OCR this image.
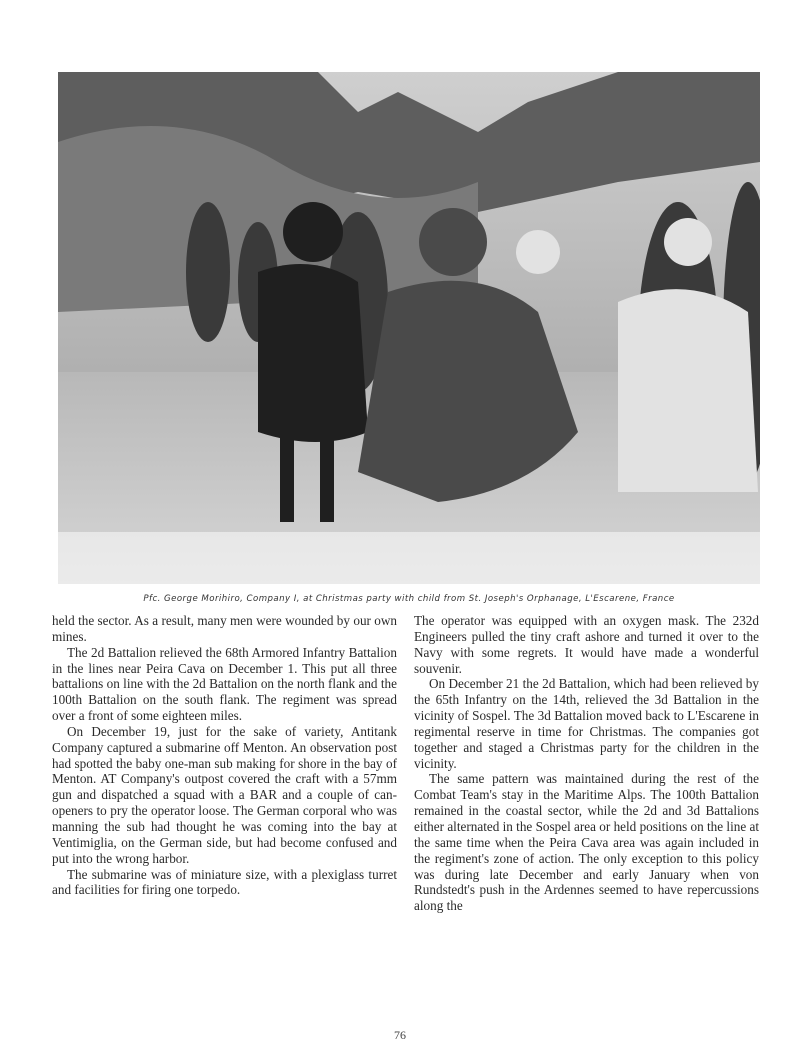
Pfc. George Morihiro, Company I, at Christmas party with child from St. Joseph's Orphanage, L'Escarene, France

held the sector. As a result, many men were wounded by our own mines.

The 2d Battalion relieved the 68th Armored Infantry Battalion in the lines near Peira Cava on December 1. This put all three battalions on line with the 2d Battalion on the north flank and the 100th Battalion on the south flank. The regiment was spread over a front of some eighteen miles.

On December 19, just for the sake of variety, Antitank Company captured a submarine off Menton. An observation post had spotted the baby one-man sub making for shore in the bay of Menton. AT Company's outpost covered the craft with a 57mm gun and dispatched a squad with a BAR and a couple of can-openers to pry the operator loose. The German corporal who was manning the sub had thought he was coming into the bay at Ventimiglia, on the German side, but had become confused and put into the wrong harbor.

The submarine was of miniature size, with a plexiglass turret and facilities for firing one torpedo.

The operator was equipped with an oxygen mask. The 232d Engineers pulled the tiny craft ashore and turned it over to the Navy with some regrets. It would have made a wonderful souvenir.

On December 21 the 2d Battalion, which had been relieved by the 65th Infantry on the 14th, relieved the 3d Battalion in the vicinity of Sospel. The 3d Battalion moved back to L'Escarene in regimental reserve in time for Christmas. The companies got together and staged a Christmas party for the children in the vicinity.

The same pattern was maintained during the rest of the Combat Team's stay in the Maritime Alps. The 100th Battalion remained in the coastal sector, while the 2d and 3d Battalions either alternated in the Sospel area or held positions on the line at the same time when the Peira Cava area was again included in the regiment's zone of action. The only exception to this policy was during late December and early January when von Rundstedt's push in the Ardennes seemed to have repercussions along the

76
